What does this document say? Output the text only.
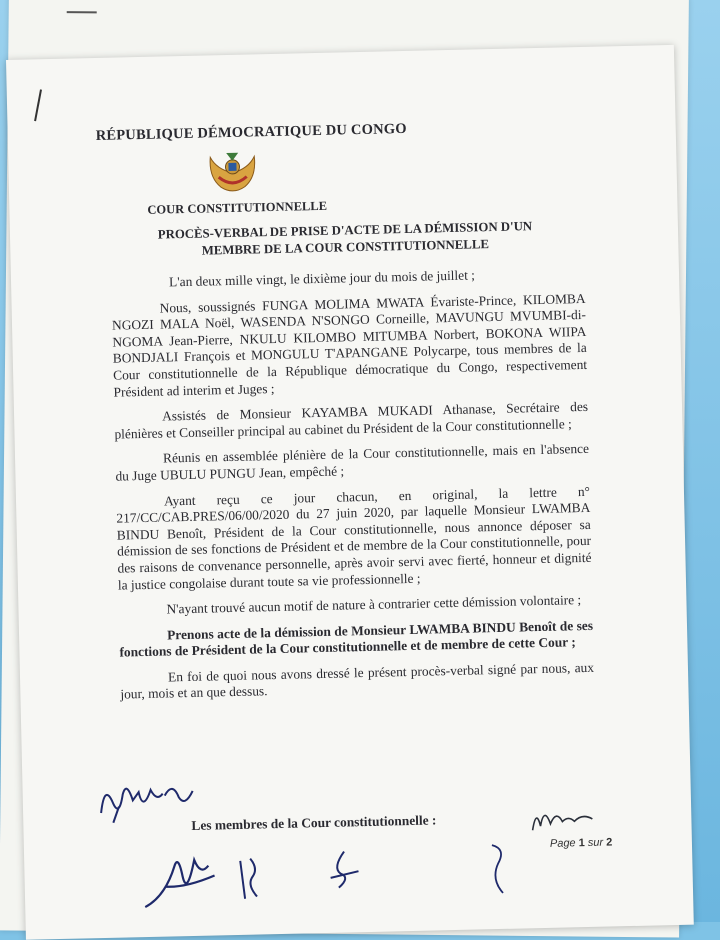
RÉPUBLIQUE DÉMOCRATIQUE DU CONGO
COUR CONSTITUTIONNELLE
PROCÈS-VERBAL DE PRISE D'ACTE DE LA DÉMISSION D'UN
MEMBRE DE LA COUR CONSTITUTIONNELLE

L'an deux mille vingt, le dixième jour du mois de juillet ;

Nous, soussignés FUNGA MOLIMA MWATA Évariste-Prince, KILOMBA NGOZI MALA Noël, WASENDA N'SONGO Corneille, MAVUNGU MVUMBI-di-NGOMA Jean-Pierre, NKULU KILOMBO MITUMBA Norbert, BOKONA WIIPA BONDJALI François et MONGULU T'APANGANE Polycarpe, tous membres de la Cour constitutionnelle de la République démocratique du Congo, respectivement Président ad interim et Juges ;

Assistés de Monsieur KAYAMBA MUKADI Athanase, Secrétaire des plénières et Conseiller principal au cabinet du Président de la Cour constitutionnelle ;

Réunis en assemblée plénière de la Cour constitutionnelle, mais en l'absence du Juge UBULU PUNGU Jean, empêché ;

Ayant reçu ce jour chacun, en original, la lettre n° 217/CC/CAB.PRES/06/00/2020 du 27 juin 2020, par laquelle Monsieur LWAMBA BINDU Benoît, Président de la Cour constitutionnelle, nous annonce déposer sa démission de ses fonctions de Président et de membre de la Cour constitutionnelle, pour des raisons de convenance personnelle, après avoir servi avec fierté, honneur et dignité la justice congolaise durant toute sa vie professionnelle ;

N'ayant trouvé aucun motif de nature à contrarier cette démission volontaire ;

Prenons acte de la démission de Monsieur LWAMBA BINDU Benoît de ses fonctions de Président de la Cour constitutionnelle et de membre de cette Cour ;

En foi de quoi nous avons dressé le présent procès-verbal signé par nous, aux jour, mois et an que dessus.

Les membres de la Cour constitutionnelle :
Page 1 sur 2
